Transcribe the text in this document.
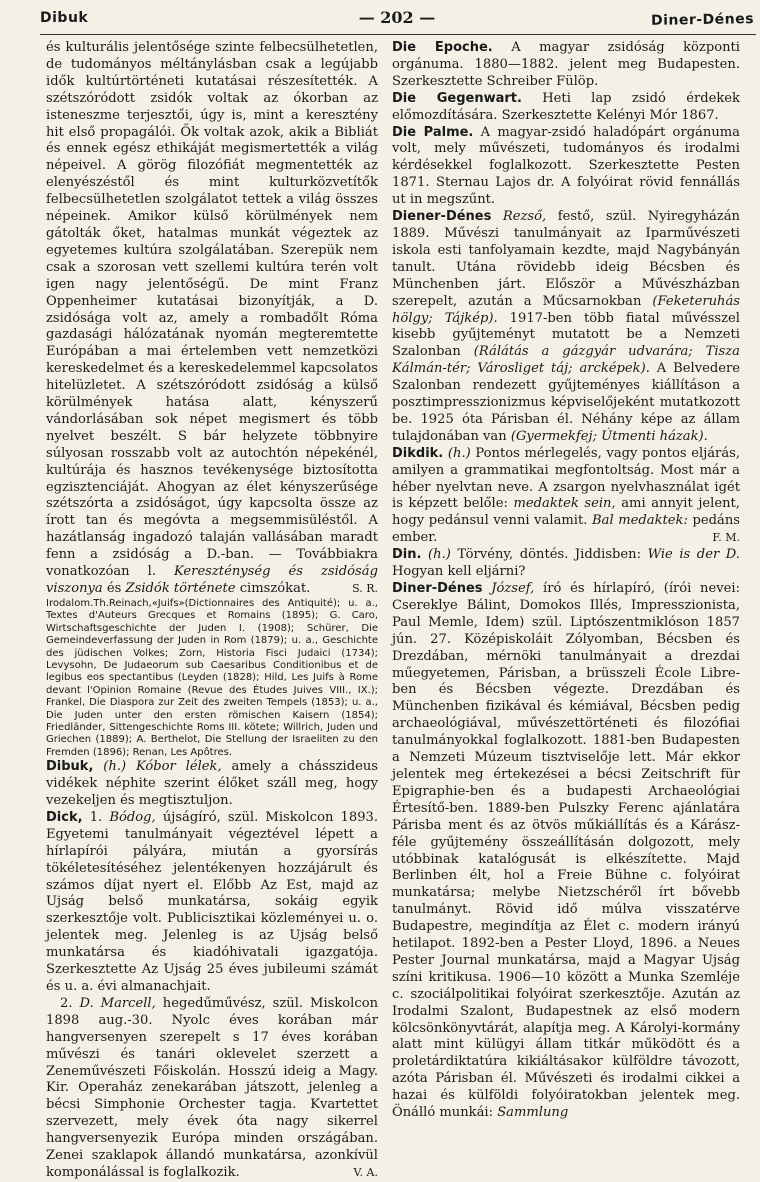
Dibuk	— 202 —	Diner-Dénes

és kulturális jelentősége szinte felbecsülhetetlen, de tudományos méltánylásban csak a legújabb idők kultúrtörténeti kutatásai részesítették. A szétszóródott zsidók voltak az ókorban az isteneszme terjesztői, úgy is, mint a keresztény hit első propagálói. Ők voltak azok, akik a Bibliát és ennek egész ethikáját megismertették a világ népeivel. A görög filozófiát megmentették az elenyészéstől és mint kulturközvetítők felbecsülhetetlen szolgálatot tettek a világ összes népeinek. Amikor külső körülmények nem gátolták őket, hatalmas munkát végeztek az egyetemes kultúra szolgálatában. Szerepük nem csak a szorosan vett szellemi kultúra terén volt igen nagy jelentőségű. De mint Franz Oppenheimer kutatásai bizonyítják, a D. zsidósága volt az, amely a rombadőlt Róma gazdasági hálózatának nyomán megteremtette Európában a mai értelemben vett nemzetközi kereskedelmet és a kereskedelemmel kapcsolatos hitelüzletet. A szétszóródott zsidóság a külső körülmények hatása alatt, kényszerű vándorlásában sok népet megismert és több nyelvet beszélt. S bár helyzete többnyire súlyosan rosszabb volt az autochtón népekénél, kultúrája és hasznos tevékenysége biztosította egzisztenciáját. Ahogyan az élet kényszerűsége szétszórta a zsidóságot, úgy kapcsolta össze az írott tan és megóvta a megsemmisüléstől. A hazátlanság ingadozó talaján vallásában maradt fenn a zsidóság a D.-ban. — Továbbiakra vonatkozóan l. Kereszténység és zsidóság viszonya és Zsidók története cimszókat.	S. R.

Irodalom.Th.Reinach,«Juifs»(Dictionnaires des Antiquité); u. a., Textes d'Auteurs Grecques et Romains (1895); G. Caro, Wirtschaftsgeschichte der Juden I. (1908); Schürer, Die Gemeindeverfassung der Juden in Rom (1879); u. a., Geschichte des jüdischen Volkes; Zorn, Historia Fisci Judaici (1734); Levysohn, De Judaeorum sub Caesaribus Conditionibus et de legibus eos spectantibus (Leyden (1828); Hild, Les Juifs à Rome devant l'Opinion Romaine (Revue des Études Juives VIII., IX.); Frankel, Die Diaspora zur Zeit des zweiten Tempels (1853); u. a., Die Juden unter den ersten römischen Kaisern (1854); Friedländer, Sittengeschichte Roms III. kötete; Willrich, Juden und Griechen (1889); A. Berthelot, Die Stellung der Israeliten zu den Fremden (1896); Renan, Les Apôtres.

Dibuk, (h.) Kóbor lélek, amely a chásszideus vidékek néphite szerint élőket száll meg, hogy vezekeljen és megtisztuljon.

Dick, 1. Bódog, újságíró, szül. Miskolcon 1893. Egyetemi tanulmányait végeztével lépett a hírlapírói pályára, miután a gyorsírás tökéletesítéséhez jelentékenyen hozzájárult és számos díjat nyert el. Előbb Az Est, majd az Ujság belső munkatársa, sokáig egyik szerkesztője volt. Publicisztikai közleményei u. o. jelentek meg. Jelenleg is az Ujság belső munkatársa és kiadóhivatali igazgatója. Szerkesztette Az Ujság 25 éves jubileumi számát és u. a. évi almanachjait.

2. D. Marcell, hegedűművész, szül. Miskolcon 1898 aug.-30. Nyolc éves korában már hangversenyen szerepelt s 17 éves korában művészi és tanári oklevelet szerzett a Zeneművészeti Főiskolán. Hosszú ideig a Magy. Kir. Operaház zenekarában játszott, jelenleg a bécsi Simphonie Orchester tagja. Kvartettet szervezett, mely évek óta nagy sikerrel hangversenyezik Európa minden országában. Zenei szaklapok állandó munkatársa, azonkívül komponálással is foglalkozik.	V. A.

Die Epoche. A magyar zsidóság központi orgánuma. 1880—1882. jelent meg Budapesten. Szerkesztette Schreiber Fülöp.

Die Gegenwart. Heti lap zsidó érdekek előmozdítására. Szerkesztette Kelényi Mór 1867.

Die Palme. A magyar-zsidó haladópárt orgánuma volt, mely művészeti, tudományos és irodalmi kérdésekkel foglalkozott. Szerkesztette Pesten 1871. Sternau Lajos dr. A folyóirat rövid fennállás ut in megszűnt.

Diener-Dénes Rezső, festő, szül. Nyiregyházán 1889. Művészi tanulmányait az Iparművészeti iskola esti tanfolyamain kezdte, majd Nagybányán tanult. Utána rövidebb ideig Bécsben és Münchenben járt. Először a Művészházban szerepelt, azután a Műcsarnokban (Feketeruhás hölgy; Tájkép). 1917-ben több fiatal művésszel kisebb gyűjteményt mutatott be a Nemzeti Szalonban (Rálátás a gázgyár udvarára; Tisza Kálmán-tér; Városliget táj; arcképek). A Belvedere Szalonban rendezett gyűjteményes kiállításon a posztimpresszionizmus képviselőjeként mutatkozott be. 1925 óta Párisban él. Néhány képe az állam tulajdonában van (Gyermekfej; Útmenti házak).

Dikdik. (h.) Pontos mérlegelés, vagy pontos eljárás, amilyen a grammatikai megfontoltság. Most már a héber nyelvtan neve. A zsargon nyelvhasználat igét is képzett belőle: medaktek sein, ami annyit jelent, hogy pedánsul venni valamit. Bal medaktek: pedáns ember.	F. M.

Din. (h.) Törvény, döntés. Jiddisben: Wie is der D. Hogyan kell eljárni?

Diner-Dénes József, író és hírlapíró, (írói nevei: Csereklye Bálint, Domokos Illés, Impresszionista, Paul Memle, Idem) szül. Liptószentmiklóson 1857 jún. 27. Középiskoláit Zólyomban, Bécsben és Drezdában, mérnöki tanulmányait a drezdai műegyetemen, Párisban, a brüsszeli École Libre-ben és Bécsben végezte. Drezdában és Münchenben fizikával és kémiával, Bécsben pedig archaeológiával, művészettörténeti és filozófiai tanulmányokkal foglalkozott. 1881-ben Budapesten a Nemzeti Múzeum tisztviselője lett. Már ekkor jelentek meg értekezései a bécsi Zeitschrift für Epigraphie-ben és a budapesti Archaeológiai Értesítő-ben. 1889-ben Pulszky Ferenc ajánlatára Párisba ment és az ötvös műkiállítás és a Kárász-féle gyűjtemény összeállításán dolgozott, mely utóbbinak katalógusát is elkészítette. Majd Berlinben élt, hol a Freie Bühne c. folyóirat munkatársa; melybe Nietzschéről írt bővebb tanulmányt. Rövid idő múlva visszatérve Budapestre, megindítja az Élet c. modern irányú hetilapot. 1892-ben a Pester Lloyd, 1896. a Neues Pester Journal munkatársa, majd a Magyar Ujság színi kritikusa. 1906—10 között a Munka Szemléje c. szociálpolitikai folyóirat szerkesztője. Azután az Irodalmi Szalont, Budapestnek az első modern kölcsönkönyvtárát, alapítja meg. A Károlyi-kormány alatt mint külügyi állam titkár működött és a proletárdiktatúra kikiáltásakor külföldre távozott, azóta Párisban él. Művészeti és irodalmi cikkei a hazai és külföldi folyóiratokban jelentek meg. Önálló munkái: Sammlung
